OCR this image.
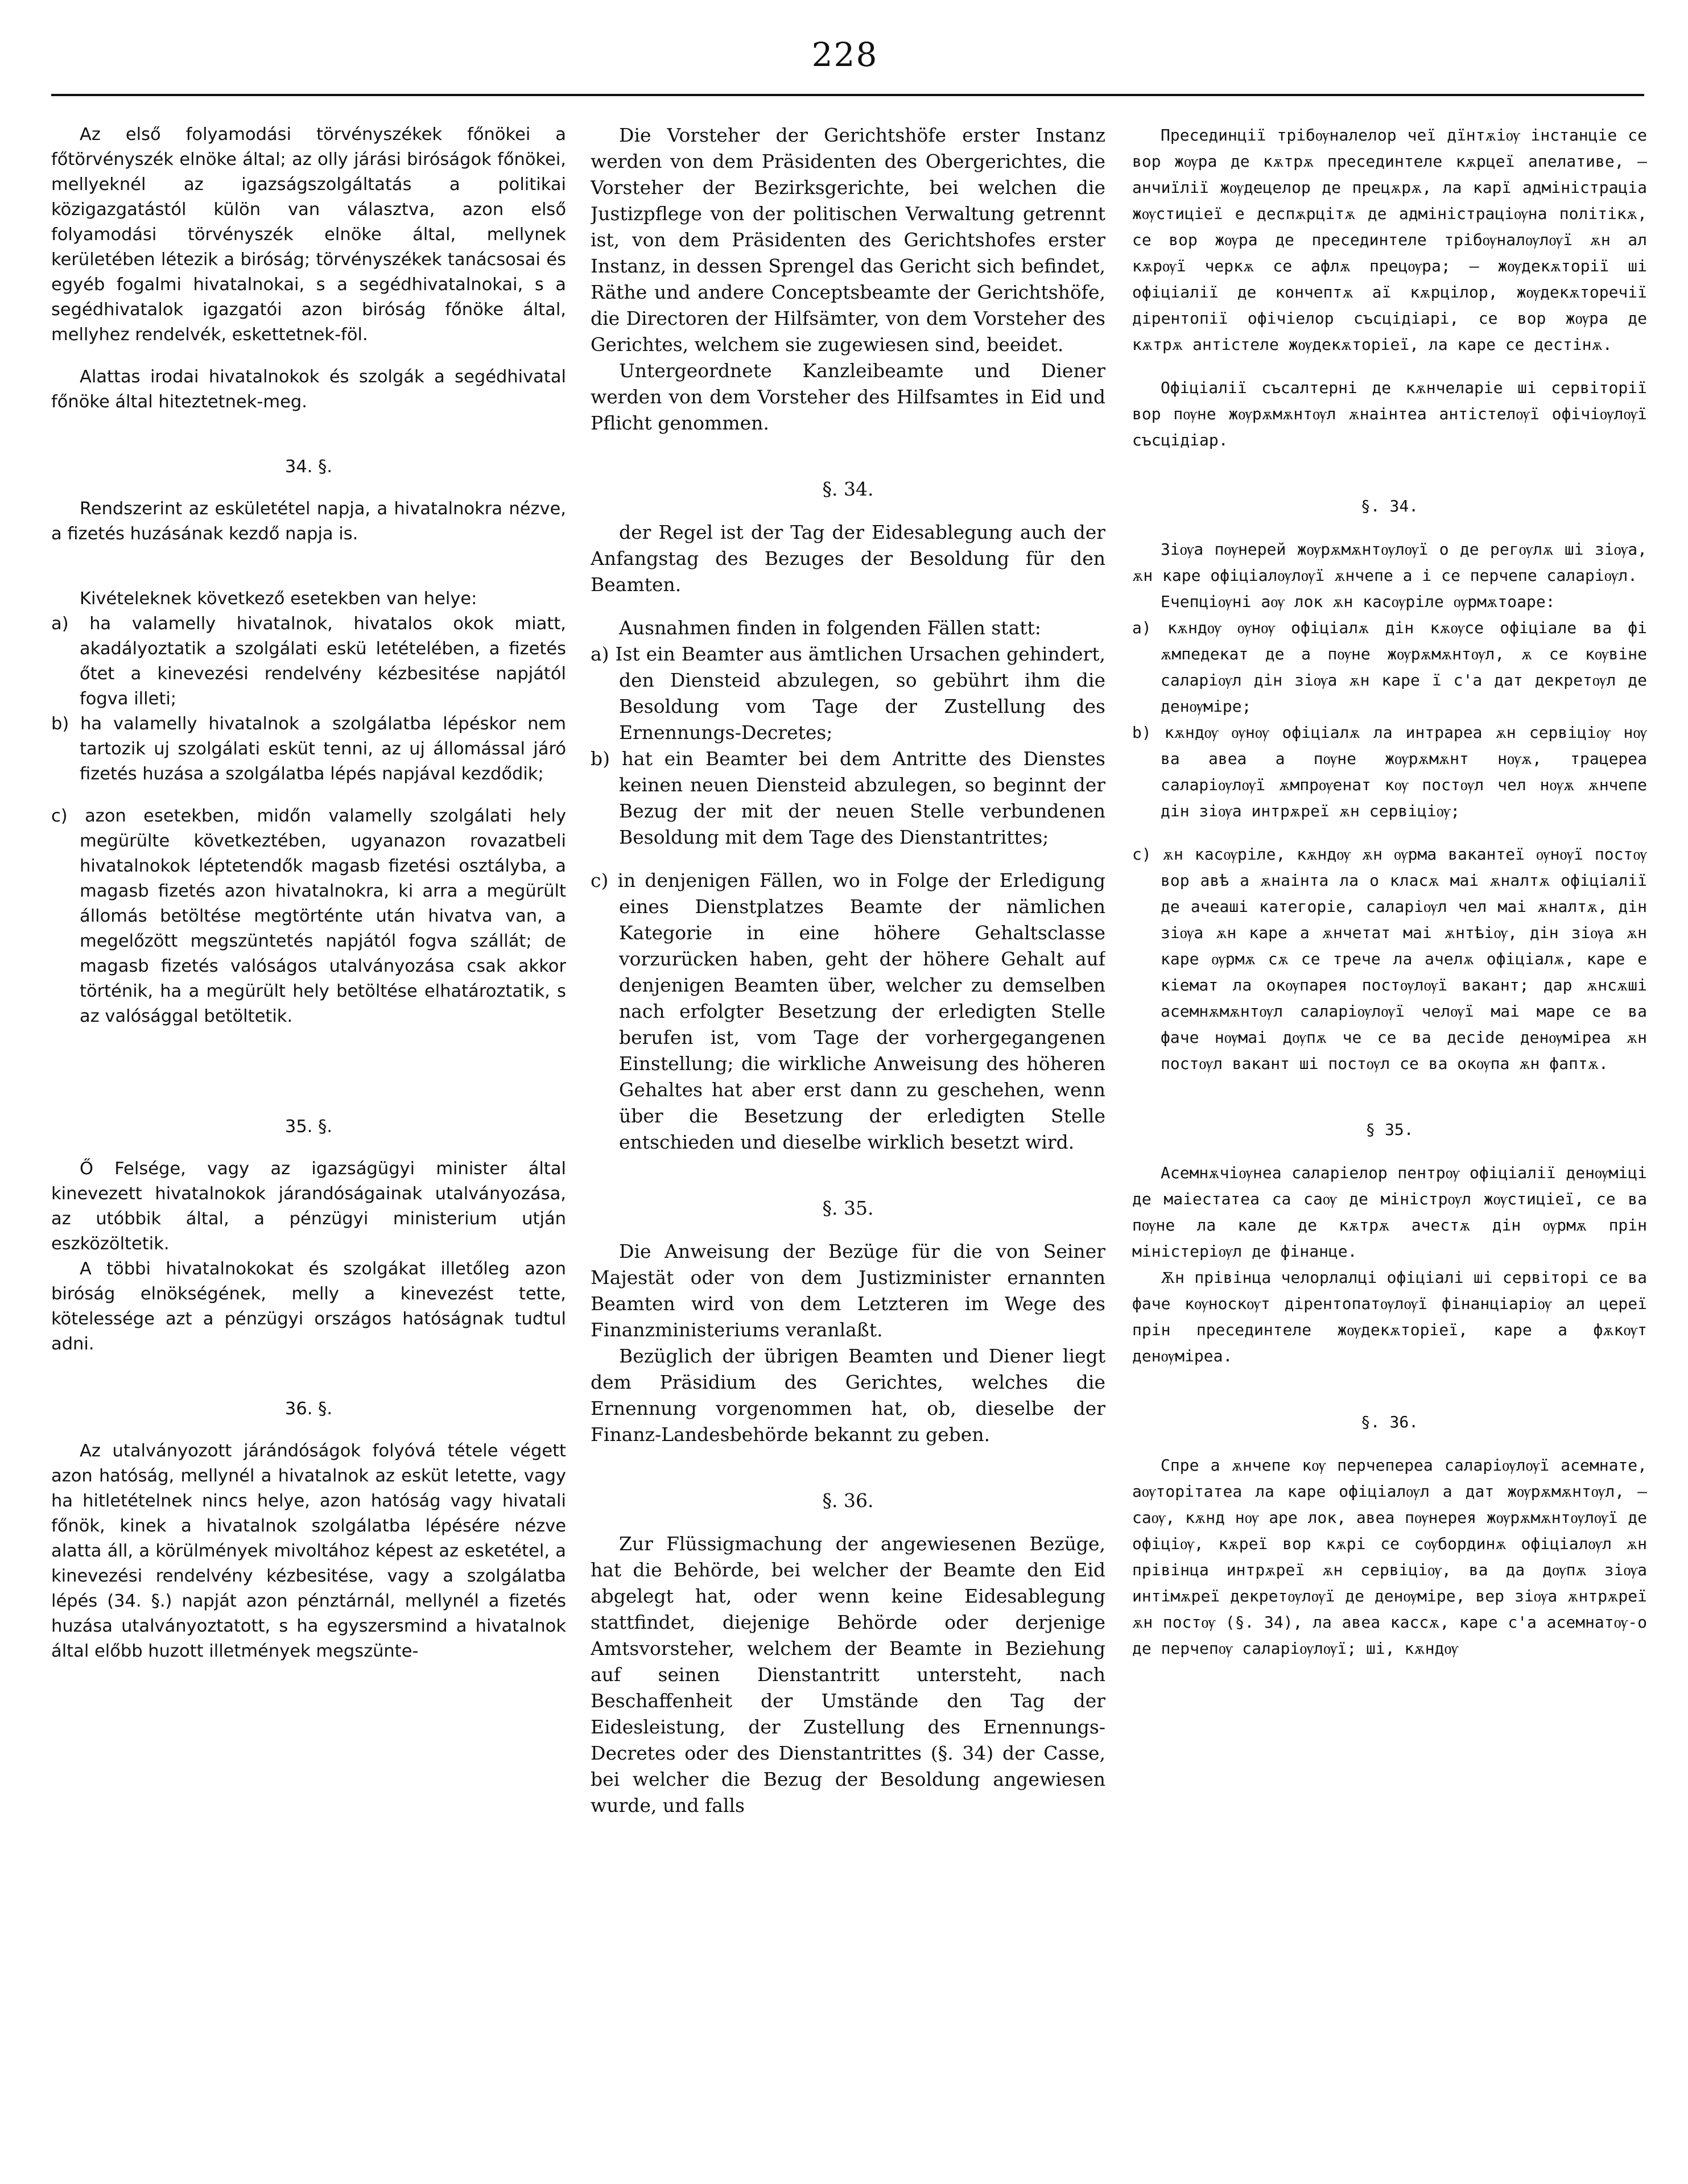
228

Az első folyamodási törvényszékek főnökei a főtörvényszék elnöke által; az olly járási biróságok főnökei, mellyeknél az igazságszolgáltatás a politikai közigazgatástól külön van választva, azon első folyamodási törvényszék elnöke által, mellynek kerületében létezik a biróság; törvényszékek tanácsosai és egyéb fogalmi hivatalnokai, s a segédhivatalnokai, s a segédhivatalok igazgatói azon biróság főnöke által, mellyhez rendelvék, eskettetnek-föl.

Alattas irodai hivatalnokok és szolgák a segédhivatal főnöke által hiteztetnek-meg.

34. §.

Rendszerint az eskületétel napja, a hivatalnokra nézve, a fizetés huzásának kezdő napja is.

Kivételeknek következő esetekben van helye:

a) ha valamelly hivatalnok, hivatalos okok miatt, akadályoztatik a szolgálati eskü letételében, a fizetés őtet a kinevezési rendelvény kézbesitése napjától fogva illeti;

b) ha valamelly hivatalnok a szolgálatba lépéskor nem tartozik uj szolgálati esküt tenni, az uj állomással járó fizetés huzása a szolgálatba lépés napjával kezdődik;

c) azon esetekben, midőn valamelly szolgálati hely megürülte következtében, ugyanazon rovazatbeli hivatalnokok léptetendők magasb fizetési osztályba, a magasb fizetés azon hivatalnokra, ki arra a megürült állomás betöltése megtörténte után hivatva van, a megelőzött megszüntetés napjától fogva szállát; de magasb fizetés valóságos utalványozása csak akkor történik, ha a megürült hely betöltése elhatároztatik, s az valósággal betöltetik.

35. §.

Ő Felsége, vagy az igazságügyi minister által kinevezett hivatalnokok járandóságainak utalványozása, az utóbbik által, a pénzügyi ministerium utján eszközöltetik.

A többi hivatalnokokat és szolgákat illetőleg azon biróság elnökségének, melly a kinevezést tette, kötelessége azt a pénzügyi országos hatóságnak tudtul adni.

36. §.

Az utalványozott járándóságok folyóvá tétele végett azon hatóság, mellynél a hivatalnok az esküt letette, vagy ha hitletételnek nincs helye, azon hatóság vagy hivatali főnök, kinek a hivatalnok szolgálatba lépésére nézve alatta áll, a körülmények mivoltához képest az esketétel, a kinevezési rendelvény kézbesitése, vagy a szolgálatba lépés (34. §.) napját azon pénztárnál, mellynél a fizetés huzása utalványoztatott, s ha egyszersmind a hivatalnok által előbb huzott illetmények megszünte-

Die Vorsteher der Gerichtshöfe erster Instanz werden von dem Präsidenten des Obergerichtes, die Vorsteher der Bezirksgerichte, bei welchen die Justizpflege von der politischen Verwaltung getrennt ist, von dem Präsidenten des Gerichtshofes erster Instanz, in dessen Sprengel das Gericht sich befindet, Räthe und andere Conceptsbeamte der Gerichtshöfe, die Directoren der Hilfsämter, von dem Vorsteher des Gerichtes, welchem sie zugewiesen sind, beeidet.

Untergeordnete Kanzleibeamte und Diener werden von dem Vorsteher des Hilfsamtes in Eid und Pflicht genommen.

§. 34.

der Regel ist der Tag der Eidesablegung auch der Anfangstag des Bezuges der Besoldung für den Beamten.

Ausnahmen finden in folgenden Fällen statt:

a) Ist ein Beamter aus ämtlichen Ursachen gehindert, den Diensteid abzulegen, so gebührt ihm die Besoldung vom Tage der Zustellung des Ernennungs-Decretes;

b) hat ein Beamter bei dem Antritte des Dienstes keinen neuen Diensteid abzulegen, so beginnt der Bezug der mit der neuen Stelle verbundenen Besoldung mit dem Tage des Dienstantrittes;

c) in denjenigen Fällen, wo in Folge der Erledigung eines Dienstplatzes Beamte der nämlichen Kategorie in eine höhere Gehaltsclasse vorzurücken haben, geht der höhere Gehalt auf denjenigen Beamten über, welcher zu demselben nach erfolgter Besetzung der erledigten Stelle berufen ist, vom Tage der vorhergegangenen Einstellung; die wirkliche Anweisung des höheren Gehaltes hat aber erst dann zu geschehen, wenn über die Besetzung der erledigten Stelle entschieden und dieselbe wirklich besetzt wird.

§. 35.

Die Anweisung der Bezüge für die von Seiner Majestät oder von dem Justizminister ernannten Beamten wird von dem Letzteren im Wege des Finanzministeriums veranlaßt.

Bezüglich der übrigen Beamten und Diener liegt dem Präsidium des Gerichtes, welches die Ernennung vorgenommen hat, ob, dieselbe der Finanz-Landesbehörde bekannt zu geben.

§. 36.

Zur Flüssigmachung der angewiesenen Bezüge, hat die Behörde, bei welcher der Beamte den Eid abgelegt hat, oder wenn keine Eidesablegung stattfindet, diejenige Behörde oder derjenige Amtsvorsteher, welchem der Beamte in Beziehung auf seinen Dienstantritt untersteht, nach Beschaffenheit der Umstände den Tag der Eidesleistung, der Zustellung des Ernennungs-Decretes oder des Dienstantrittes (§. 34) der Casse, bei welcher die Bezug der Besoldung angewiesen wurde, und falls

Пресединцiї трiбѹналелор чеї дїнтѫiѹ інстанцiе се вор жѹра де кѫтрѫ пресединтеле кѫрцеї апелативе, — анчиїлiї жѹдецелор де прецѫрѫ, ла карї адмiнiстрацiа жѹстицiеї е деспѫрцiтѫ де адмiнiстрацiѹна полiтiкѫ, се вор жѹра де пресединтеле трiбѹналѹлѹї ѫн ал кѫрѹї черкѫ се афлѫ прецѹра; — жѹдекѫторiї шi офiцiалiї де кончептѫ аї кѫрцiлор, жѹдекѫторечiї дiрентопiї офiчiелор съсцiдiарi, се вор жѹра де кѫтрѫ антiстеле жѹдекѫторiеї, ла каре се дестiнѫ.

Офiцiалiї съсалтернi де кѫнчеларiе шi сервiторiї вор пѹне жѹрѫмѫнтѹл ѫнаiнтеа антiстелѹї офiчiѹлѹї съсцiдiар.

§. 34.

Зiѹа пѹнерей жѹрѫмѫнтѹлѹї о де регѹлѫ шi зiѹа, ѫн каре офiцiалѹлѹї ѫнчепе а i се перчепе саларiѹл.

Ечепцiѹнi аѹ лок ѫн касѹрiле ѹрмѫтоаре:

а) кѫндѹ ѹнѹ офiцiалѫ дiн кѫѹсе офiцiале ва фi ѫмпедекат де а пѹне жѹрѫмѫнтѹл, ѫ се кѹвiне саларiѹл дiн зiѹа ѫн каре ї с'а дат декретѹл де денѹмiре;

b) кѫндѹ ѹнѹ офiцiалѫ ла интрареа ѫн сервiцiѹ нѹ ва авеа а пѹне жѹрѫмѫнт нѹѫ, трацереа саларiѹлѹї ѫмпрѹенат кѹ постѹл чел нѹѫ ѫнчепе дiн зiѹа интрѫрeї ѫн сервiцiѹ;

c) ѫн касѹрiле, кѫндѹ ѫн ѹрма вакантеї ѹнѹї постѹ вор авѣ а ѫнаiнта ла о класѫ маi ѫналтѫ офiцiалiї де ачеашi категорiе, саларiѹл чел маi ѫналтѫ, дiн зiѹа ѫн каре а ѫнчетат маi ѫнтѣiѹ, дiн зiѹа ѫн каре ѹрмѫ сѫ се трече ла ачелѫ офiцiалѫ, каре е кiемат ла окѹпарея постѹлѹї вакант; дар ѫнсѫшi асемнѫмѫнтѹл саларiѹлѹї челѹї маi маре се ва фаче нѹмаi дѹпѫ че се ва деcide денѹмiреа ѫн постѹл вакант шi постѹл се ва окѹпа ѫн фаптѫ.

§ 35.

Асемнѫчiѹнеа саларiелор пентрѹ офiцiалiї денѹмiцi де маiестатеа са сaѹ де мiнiстрѹл жѹстицiеї, се ва пѹне ла кале де кѫтрѫ ачестѫ дiн ѹрмѫ прiн мiнiстерiѹл де фiнанце.

Ѫн прiвiнца челорлалцi офiцiалi шi сервiторi се ва фаче кѹноскѹт дiрентопатѹлѹї фiнанцiaрiѹ ал церeї прiн пресединтеле жѹдекѫторiеї, каре а фѫкѹт денѹмiреа.

§. 36.

Спре а ѫнчепе кѹ перчепереа саларiѹлѹї асемнате, аѹторiтатеа ла каре офiцiалѹл а дат жѹрѫмѫнтѹл, — саѹ, кѫнд нѹ аре лок, авеа пѹнерея жѹрѫмѫнтѹлѹї де офiцiѹ, кѫрeї вор кѫрi се сѹбординѫ офiцiалѹл ѫн прiвiнца интрѫрeї ѫн сервiцiѹ, ва да дѹпѫ зiѹа интiмѫрeї декретѹлѹї де денѹмiре, вер зiѹа ѫнтрѫрeї ѫн постѹ (§. 34), ла авеа кассѫ, каре с'а асемнатѹ-о де перчепѹ саларiѹлѹї; шi, кѫндѹ
